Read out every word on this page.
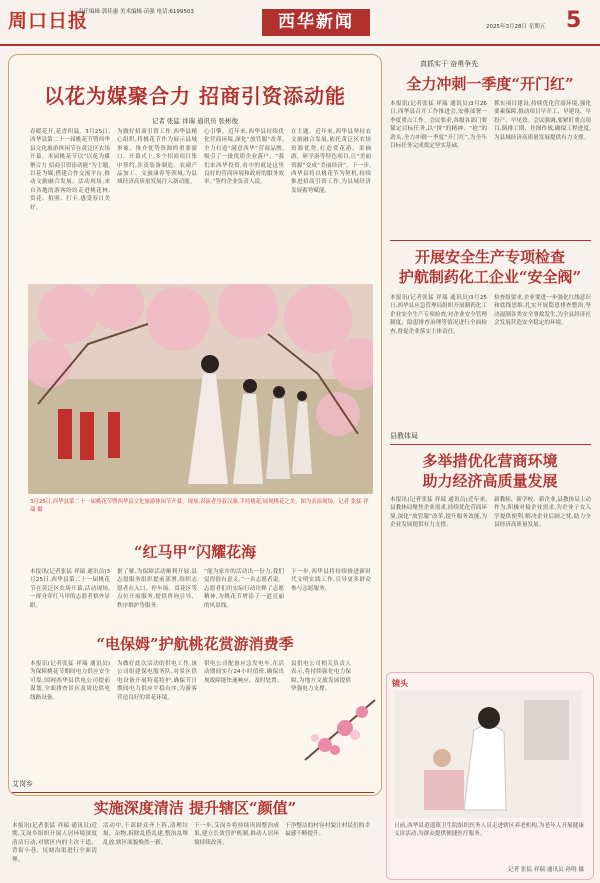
周口日报
责任编辑·郭佳惠 美术编辑·苗强 电话:6199503	西华新闻	2025年3月28日 星期五 5
以花为媒聚合力 招商引资添动能
记者 张猛 祥瑞 通讯员 张彬俊
春暖花开,花香四溢。3月25日,西华县第二十一届桃花节暨西华县文化旅游休闲节在黄泛区农场开幕。本届桃花节以“以花为媒 聚合力 招商引资添动能”为主题,以花为媒,搭建合作交流平台,推动文旅融合发展。活动现场,来自各地的游客纷纷走进桃花林,赏花、拍照、打卡,感受春日美好。
为做好招商引资工作,西华县精心组织,将桃花节作为展示县域形象、推介优势资源的重要窗口。开幕式上,多个招商项目集中签约,涉及装备制造、农副产品加工、文旅康养等领域,为县域经济高质量发展注入新动能。
心引擎。近年来,西华县持续优化营商环境,深化“放管服”改革,全力打造“满意西华”营商品牌,吸引了一批优质企业落户。“我们来西华投资,看中的就是这里良好的营商环境和政府的服务效率。”签约企业负责人说。
在主题。近年来,西华县坚持农文旅融合发展,依托黄泛区农场资源优势,打造赏花游、采摘游、研学游等特色项目,让“美丽资源”变成“美丽经济”。下一步,西华县将以桃花节为契机,持续推进招商引资工作,为县域经济发展蓄势赋能。
3月25日,西华县第二十一届桃花节暨西华县文化旅游休闲节开幕。现场,表演者身着汉服,手持桃花,展现桃花之美。图为表演现场。记者 张猛 祥瑞 摄
“红马甲”闪耀花海
本报讯(记者张猛 祥瑞 通讯员)3月25日,西华县第二十一届桃花节在黄泛区农场开幕,活动现场,一群身穿红马甲的志愿者格外显眼。
据了解,为保障活动顺利开展,县志愿服务组织提前部署,组织志愿者在入口、停车场、赏花区等点位开展服务,提供咨询引导、秩序维护等服务。
“能为家乡的活动出一份力,我们觉得很有意义。”一名志愿者说。志愿者们用实际行动诠释了志愿精神,为桃花节增添了一道亮丽的风景线。
下一步,西华县将持续推进新时代文明实践工作,引导更多群众参与志愿服务。
“电保姆”护航桃花赏游消费季
本报讯(记者张猛 祥瑞 通讯员)为保障桃花节期间电力供应安全可靠,国网西华县供电公司提前谋划,全面排查景区及周边供电线路设备。
为做好此次活动的供电工作,该公司组建保电服务队,对景区供电设备开展特巡特护,确保节日期间电力供应平稳有序,为游客营造良好的赏花环境。
供电公司配备应急发电车,在活动期间实行24小时值班,确保出现故障能快速响应、及时处置。
县供电公司相关负责人表示,将持续强化电力保障,为地方文旅发展提供坚强电力支撑。
艾岗乡
实施深度清洁 提升辖区“颜值”
本报讯(记者张猛 祥瑞 通讯员)近期,艾岗乡组织开展人居环境深度清洁行动,对辖区内的主次干道、背街小巷、坑塘沟渠进行全面清理。
活动中,干部群众齐上阵,清理垃圾、杂物,拆除乱搭乱建,整治乱堆乱放,辖区面貌焕然一新。
下一步,艾岗乡将持续巩固整治成果,建立长效管护机制,推动人居环境持续改善。
干净整洁的村容村貌让村民们的幸福感不断提升。
真抓实干 奋勇争先
全力冲刺一季度“开门红”
本报讯(记者张猛 祥瑞 通讯员)3月26日,西华县召开工作推进会,安排部署一季度重点工作。会议要求,各级各部门要锚定目标任务,以“拼”的精神、“抢”的劲头,全力冲刺一季度“开门红”,为全年目标任务完成奠定坚实基础。
抓实项目建设,持续优化营商环境,强化要素保障,推动项目早开工、早建设、早投产、早见效。会议强调,要紧盯重点项目,倒排工期、挂图作战,确保工程进度,为县域经济高质量发展提供有力支撑。
开展安全生产专项检查
护航制药化工企业“安全阀”
本报讯(记者张猛 祥瑞 通讯员)3月25日,西华县应急管理局组织开展制药化工企业安全生产专项检查,对企业安全管理制度、隐患排查治理等情况进行全面检查,督促企业落实主体责任。
检查组要求,企业要进一步强化红线意识和底线思维,扎实开展隐患排查整治,坚决遏制各类安全事故发生,为全县经济社会发展营造安全稳定的环境。
县教体局
多举措优化营商环境
助力经济高质量发展
本报讯(记者张猛 祥瑞 通讯员)近年来,县教体局聚焦企业需求,持续优化营商环境,深化“放管服”改革,提升服务效能,为企业发展提供有力支撑。
新教师、新学校、新企业,县教体局主动作为,积极对接企业需求,为企业子女入学提供便利,解决企业后顾之忧,助力全县经济高质量发展。
镜头
日前,西华县逍遥镇卫生院组织医务人员走进辖区养老机构,为老年人开展健康义诊活动,为群众提供便捷医疗服务。
记者 张猛 祥瑞 通讯员 孙明 摄
